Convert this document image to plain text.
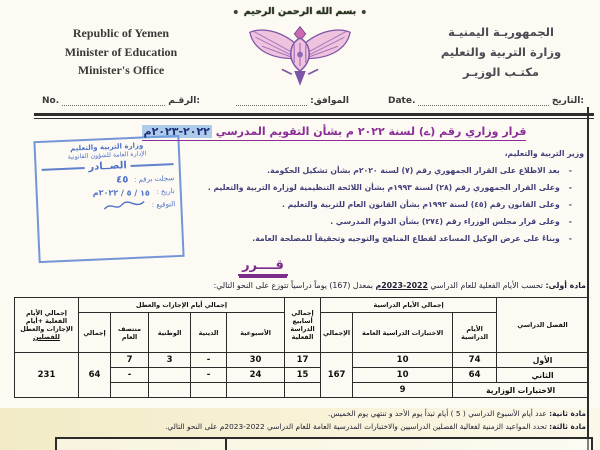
بسم الله الرحمن الرحيم
Republic of Yemen
Minister of Education
Minister's Office
الجمهوريـة اليمنيـة
وزارة التربية والتعليم
مكتـب الوزيـر
No.	الرقـم:	الموافق:	Date.	التاريخ:
قرار وزاري رقم (ے) لسنة ٢٠٢٢ م بشأن التقويم المدرسي ٢٠٢٢-٢٠٢٣م
وزارة التربية والتعليم
الإدارة العامة للشؤون القانونية
الصــادر
سجلت برقم :
٤٥
تاريخ :
١٥ / ٥ / ٢٠٢٢م
التوقيع :
وزير التربية والتعليم،
-
بعد الاطلاع على القرار الجمهوري رقم (٧) لسنة ٢٠٢٠م بشأن تشكيل الحكومة.
-
وعلى القرار الجمهوري رقم (٢٨) لسنة ١٩٩٣م بشأن اللائحة التنظيمية لوزارة التربية والتعليم .
-
وعلى القانون رقم (٤٥) لسنة ١٩٩٢م بشأن القانون العام للتربية والتعليم .
-
وعلى قرار مجلس الوزراء رقم (٢٧٤) بشأن الدوام المدرسي .
-
وبناءً على عرض الوكيل المساعد لقطاع المناهج والتوجيه وتحقيقاً للمصلحة العامة.
قــــرر
مادة أولى: تحسب الأيام الفعلية للعام الدراسي 2022-2023م بمعدل (167) يوماً دراسياً تتوزع على النحو التالي:
الفصل الدراسي	إجمالي الأيام الدراسية			إجمالي أسابيع الدراسة الفعلية	إجمالي أيام الإجازات والعطل					إجمالي الأيام الفعلية +أيام الإجازات والعطل للفصلين
	الأيام الدراسية	الاختبارات الدراسية العامة	الإجمالي		الأسبوعية	الدينية	الوطنية	منتصف العام	إجمالي	
الأول	74	10	167	17	30	-	3	7	64	231
الثاني	64	10		15	24	-		-		
الاختبارات الوزارية		9								
مادة ثانية: عدد أيام الأسبوع الدراسي ( 5 ) أيام تبدأ يوم الأحد و تنتهي يوم الخميس.
مادة ثالثة: تحدد المواعيد الزمنية لفعالية الفصلين الدراسيين والاختبارات المدرسية العامة للعام الدراسي 2022-2023م على النحو التالي.
